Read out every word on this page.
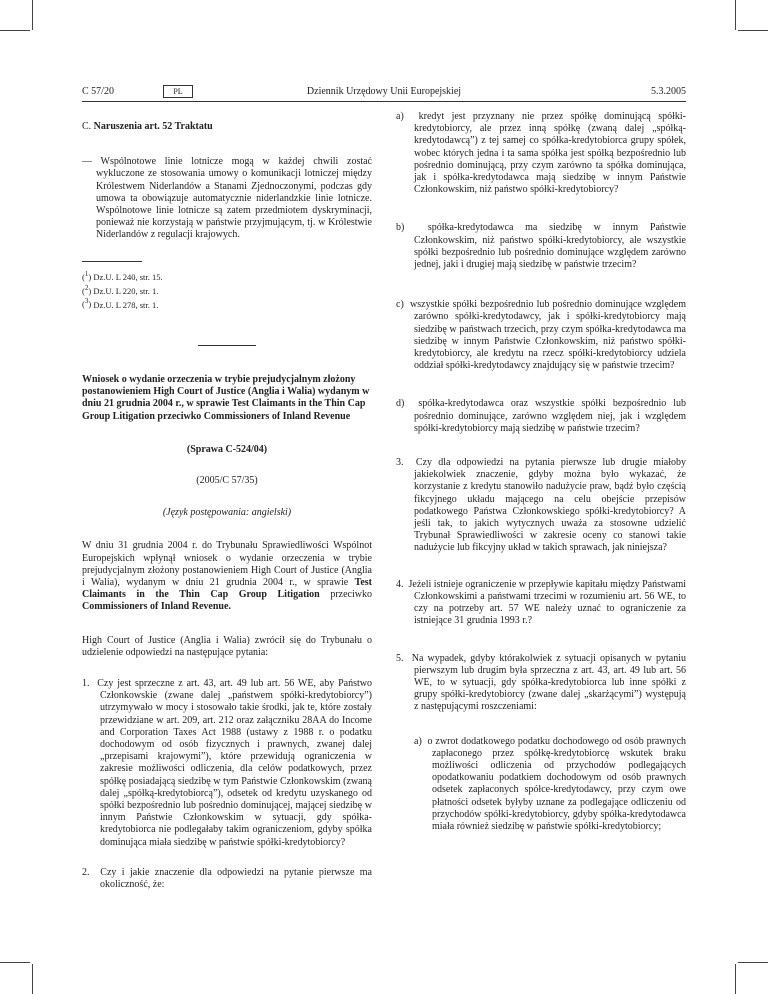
C 57/20	PL	Dziennik Urzędowy Unii Europejskiej	5.3.2005

C. Naruszenia art. 52 Traktatu

— Wspólnotowe linie lotnicze mogą w każdej chwili zostać wykluczone ze stosowania umowy o komunikacji lotniczej między Królestwem Niderlandów a Stanami Zjednoczonymi, podczas gdy umowa ta obowiązuje automatycznie niderlandzkie linie lotnicze. Wspólnotowe linie lotnicze są zatem przedmiotem dyskryminacji, ponieważ nie korzystają w państwie przyjmującym, tj. w Królestwie Niderlandów z regulacji krajowych.

($^1$) Dz.U. L 240, str. 15.

($^2$) Dz.U. L 220, str. 1.

($^3$) Dz.U. L 278, str. 1.

Wniosek o wydanie orzeczenia w trybie prejudycjalnym złożony postanowieniem High Court of Justice (Anglia i Walia) wydanym w dniu 21 grudnia 2004 r., w sprawie Test Claimants in the Thin Cap Group Litigation przeciwko Commissioners of Inland Revenue

(Sprawa C-524/04)

(2005/C 57/35)

(Język postępowania: angielski)

W dniu 31 grudnia 2004 r. do Trybunału Sprawiedliwości Wspólnot Europejskich wpłynął wniosek o wydanie orzeczenia w trybie prejudycjalnym złożony postanowieniem High Court of Justice (Anglia i Walia), wydanym w dniu 21 grudnia 2004 r., w sprawie Test Claimants in the Thin Cap Group Litigation przeciwko Commissioners of Inland Revenue.

High Court of Justice (Anglia i Walia) zwrócił się do Trybunału o udzielenie odpowiedzi na następujące pytania:

1. Czy jest sprzeczne z art. 43, art. 49 lub art. 56 WE, aby Państwo Członkowskie (zwane dalej „państwem spółki-kredytobiorcy”) utrzymywało w mocy i stosowało takie środki, jak te, które zostały przewidziane w art. 209, art. 212 oraz załączniku 28AA do Income and Corporation Taxes Act 1988 (ustawy z 1988 r. o podatku dochodowym od osób fizycznych i prawnych, zwanej dalej „przepisami krajowymi”), które przewidują ograniczenia w zakresie możliwości odliczenia, dla celów podatkowych, przez spółkę posiadającą siedzibę w tym Państwie Członkowskim (zwaną dalej „spółką-kredytobiorcą”), odsetek od kredytu uzyskanego od spółki bezpośrednio lub pośrednio dominującej, mającej siedzibę w innym Państwie Członkowskim w sytuacji, gdy spółka-kredytobiorca nie podlegałaby takim ograniczeniom, gdyby spółka dominująca miała siedzibę w państwie spółki-kredytobiorcy?

2. Czy i jakie znaczenie dla odpowiedzi na pytanie pierwsze ma okoliczność, że:

a) kredyt jest przyznany nie przez spółkę dominującą spółki-kredytobiorcy, ale przez inną spółkę (zwaną dalej „spółką-kredytodawcą”) z tej samej co spółka-kredytobiorca grupy spółek, wobec których jedna i ta sama spółka jest spółką bezpośrednio lub pośrednio dominującą, przy czym zarówno ta spółka dominująca, jak i spółka-kredytodawca mają siedzibę w innym Państwie Członkowskim, niż państwo spółki-kredytobiorcy?

b) spółka-kredytodawca ma siedzibę w innym Państwie Członkowskim, niż państwo spółki-kredytobiorcy, ale wszystkie spółki bezpośrednio lub pośrednio dominujące względem zarówno jednej, jaki i drugiej mają siedzibę w państwie trzecim?

c) wszystkie spółki bezpośrednio lub pośrednio dominujące względem zarówno spółki-kredytodawcy, jak i spółki-kredytobiorcy mają siedzibę w państwach trzecich, przy czym spółka-kredytodawca ma siedzibę w innym Państwie Członkowskim, niż państwo spółki-kredytobiorcy, ale kredytu na rzecz spółki-kredytobiorcy udziela oddział spółki-kredytodawcy znajdujący się w państwie trzecim?

d) spółka-kredytodawca oraz wszystkie spółki bezpośrednio lub pośrednio dominujące, zarówno względem niej, jak i względem spółki-kredytobiorcy mają siedzibę w państwie trzecim?

3. Czy dla odpowiedzi na pytania pierwsze lub drugie miałoby jakiekolwiek znaczenie, gdyby można było wykazać, że korzystanie z kredytu stanowiło nadużycie praw, bądź było częścią fikcyjnego układu mającego na celu obejście przepisów podatkowego Państwa Członkowskiego spółki-kredytobiorcy? A jeśli tak, to jakich wytycznych uważa za stosowne udzielić Trybunał Sprawiedliwości w zakresie oceny co stanowi takie nadużycie lub fikcyjny układ w takich sprawach, jak niniejsza?

4. Jeżeli istnieje ograniczenie w przepływie kapitału między Państwami Członkowskimi a państwami trzecimi w rozumieniu art. 56 WE, to czy na potrzeby art. 57 WE należy uznać to ograniczenie za istniejące 31 grudnia 1993 r.?

5. Na wypadek, gdyby którakolwiek z sytuacji opisanych w pytaniu pierwszym lub drugim była sprzeczna z art. 43, art. 49 lub art. 56 WE, to w sytuacji, gdy spółka-kredytobiorca lub inne spółki z grupy spółki-kredytobiorcy (zwane dalej „skarżącymi”) występują z następującymi roszczeniami:

a) o zwrot dodatkowego podatku dochodowego od osób prawnych zapłaconego przez spółkę-kredytobiorcę wskutek braku możliwości odliczenia od przychodów podlegających opodatkowaniu podatkiem dochodowym od osób prawnych odsetek zapłaconych spółce-kredytodawcy, przy czym owe płatności odsetek byłyby uznane za podlegające odliczeniu od przychodów spółki-kredytobiorcy, gdyby spółka-kredytodawca miała również siedzibę w państwie spółki-kredytobiorcy;
